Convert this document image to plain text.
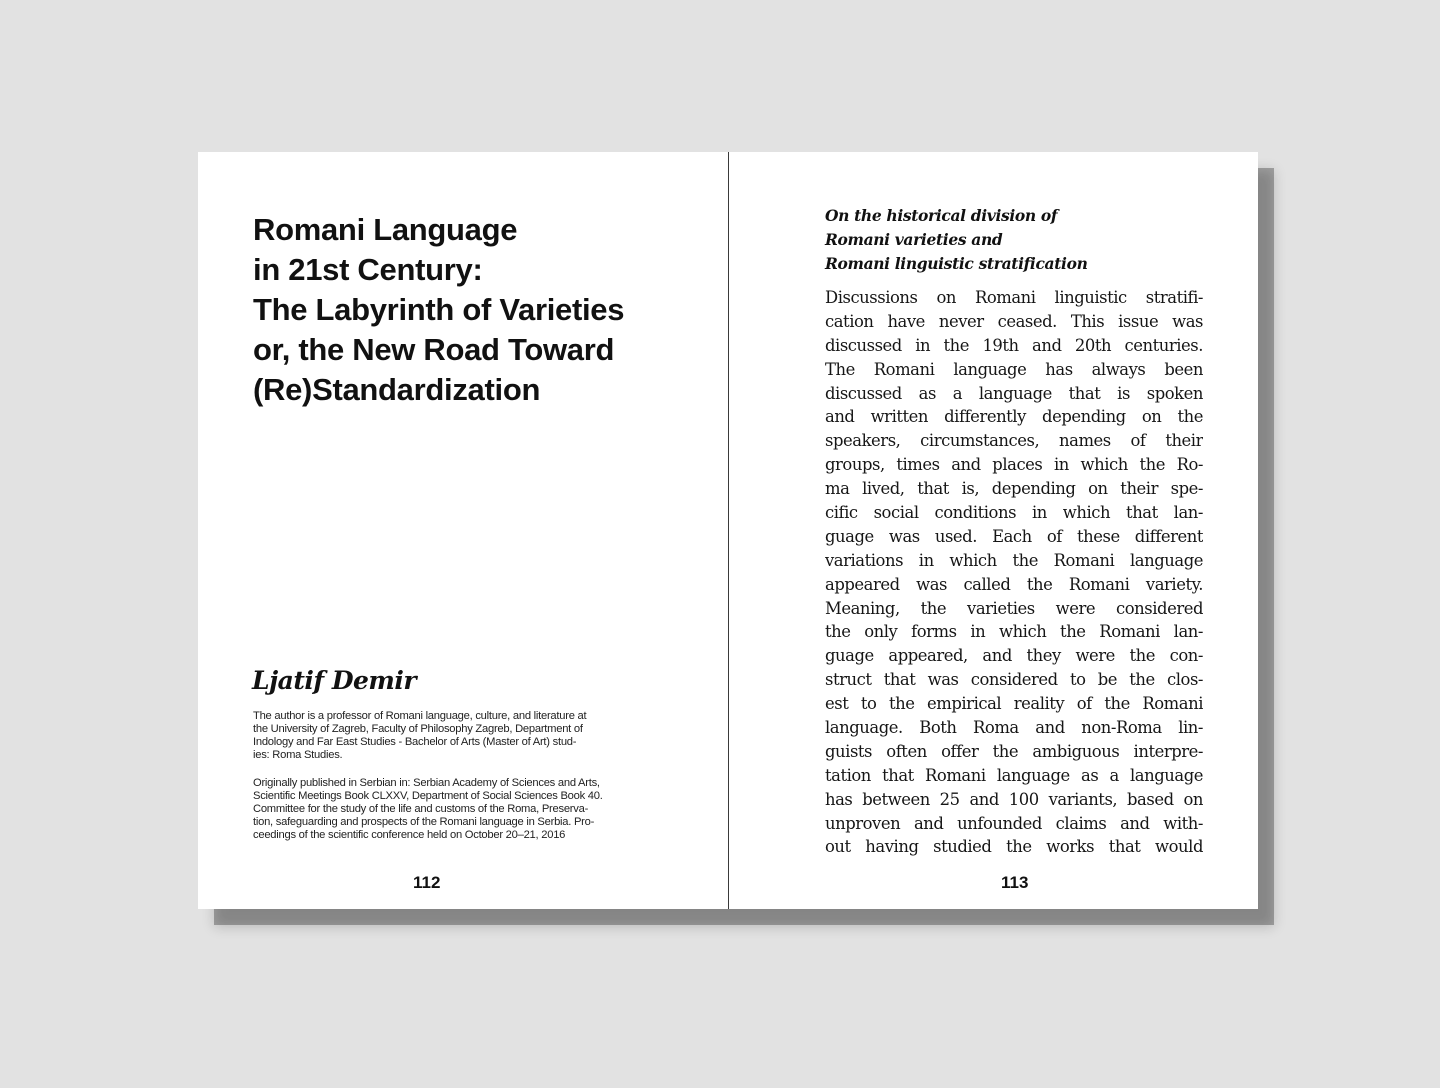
Romani Language
in 21st Century:
The Labyrinth of Varieties
or, the New Road Toward
(Re)Standardization
Ljatif Demir

The author is a professor of Romani language, culture, and literature at
the University of Zagreb, Faculty of Philosophy Zagreb, Department of
Indology and Far East Studies - Bachelor of Arts (Master of Art) stud-
ies: Roma Studies.

Originally published in Serbian in: Serbian Academy of Sciences and Arts,
Scientific Meetings Book CLXXV, Department of Social Sciences Book 40.
Committee for the study of the life and customs of the Roma, Preserva-
tion, safeguarding and prospects of the Romani language in Serbia. Pro-
ceedings of the scientific conference held on October 20–21, 2016

112
On the historical division of
Romani varieties and
Romani linguistic stratification

Discussions on Romani linguistic stratifi-
cation have never ceased. This issue was
discussed in the 19th and 20th centuries.
The Romani language has always been
discussed as a language that is spoken
and written differently depending on the
speakers, circumstances, names of their
groups, times and places in which the Ro-
ma lived, that is, depending on their spe-
cific social conditions in which that lan-
guage was used. Each of these different
variations in which the Romani language
appeared was called the Romani variety.
Meaning, the varieties were considered
the only forms in which the Romani lan-
guage appeared, and they were the con-
struct that was considered to be the clos-
est to the empirical reality of the Romani
language. Both Roma and non-Roma lin-
guists often offer the ambiguous interpre-
tation that Romani language as a language
has between 25 and 100 variants, based on
unproven and unfounded claims and with-
out having studied the works that would

113
